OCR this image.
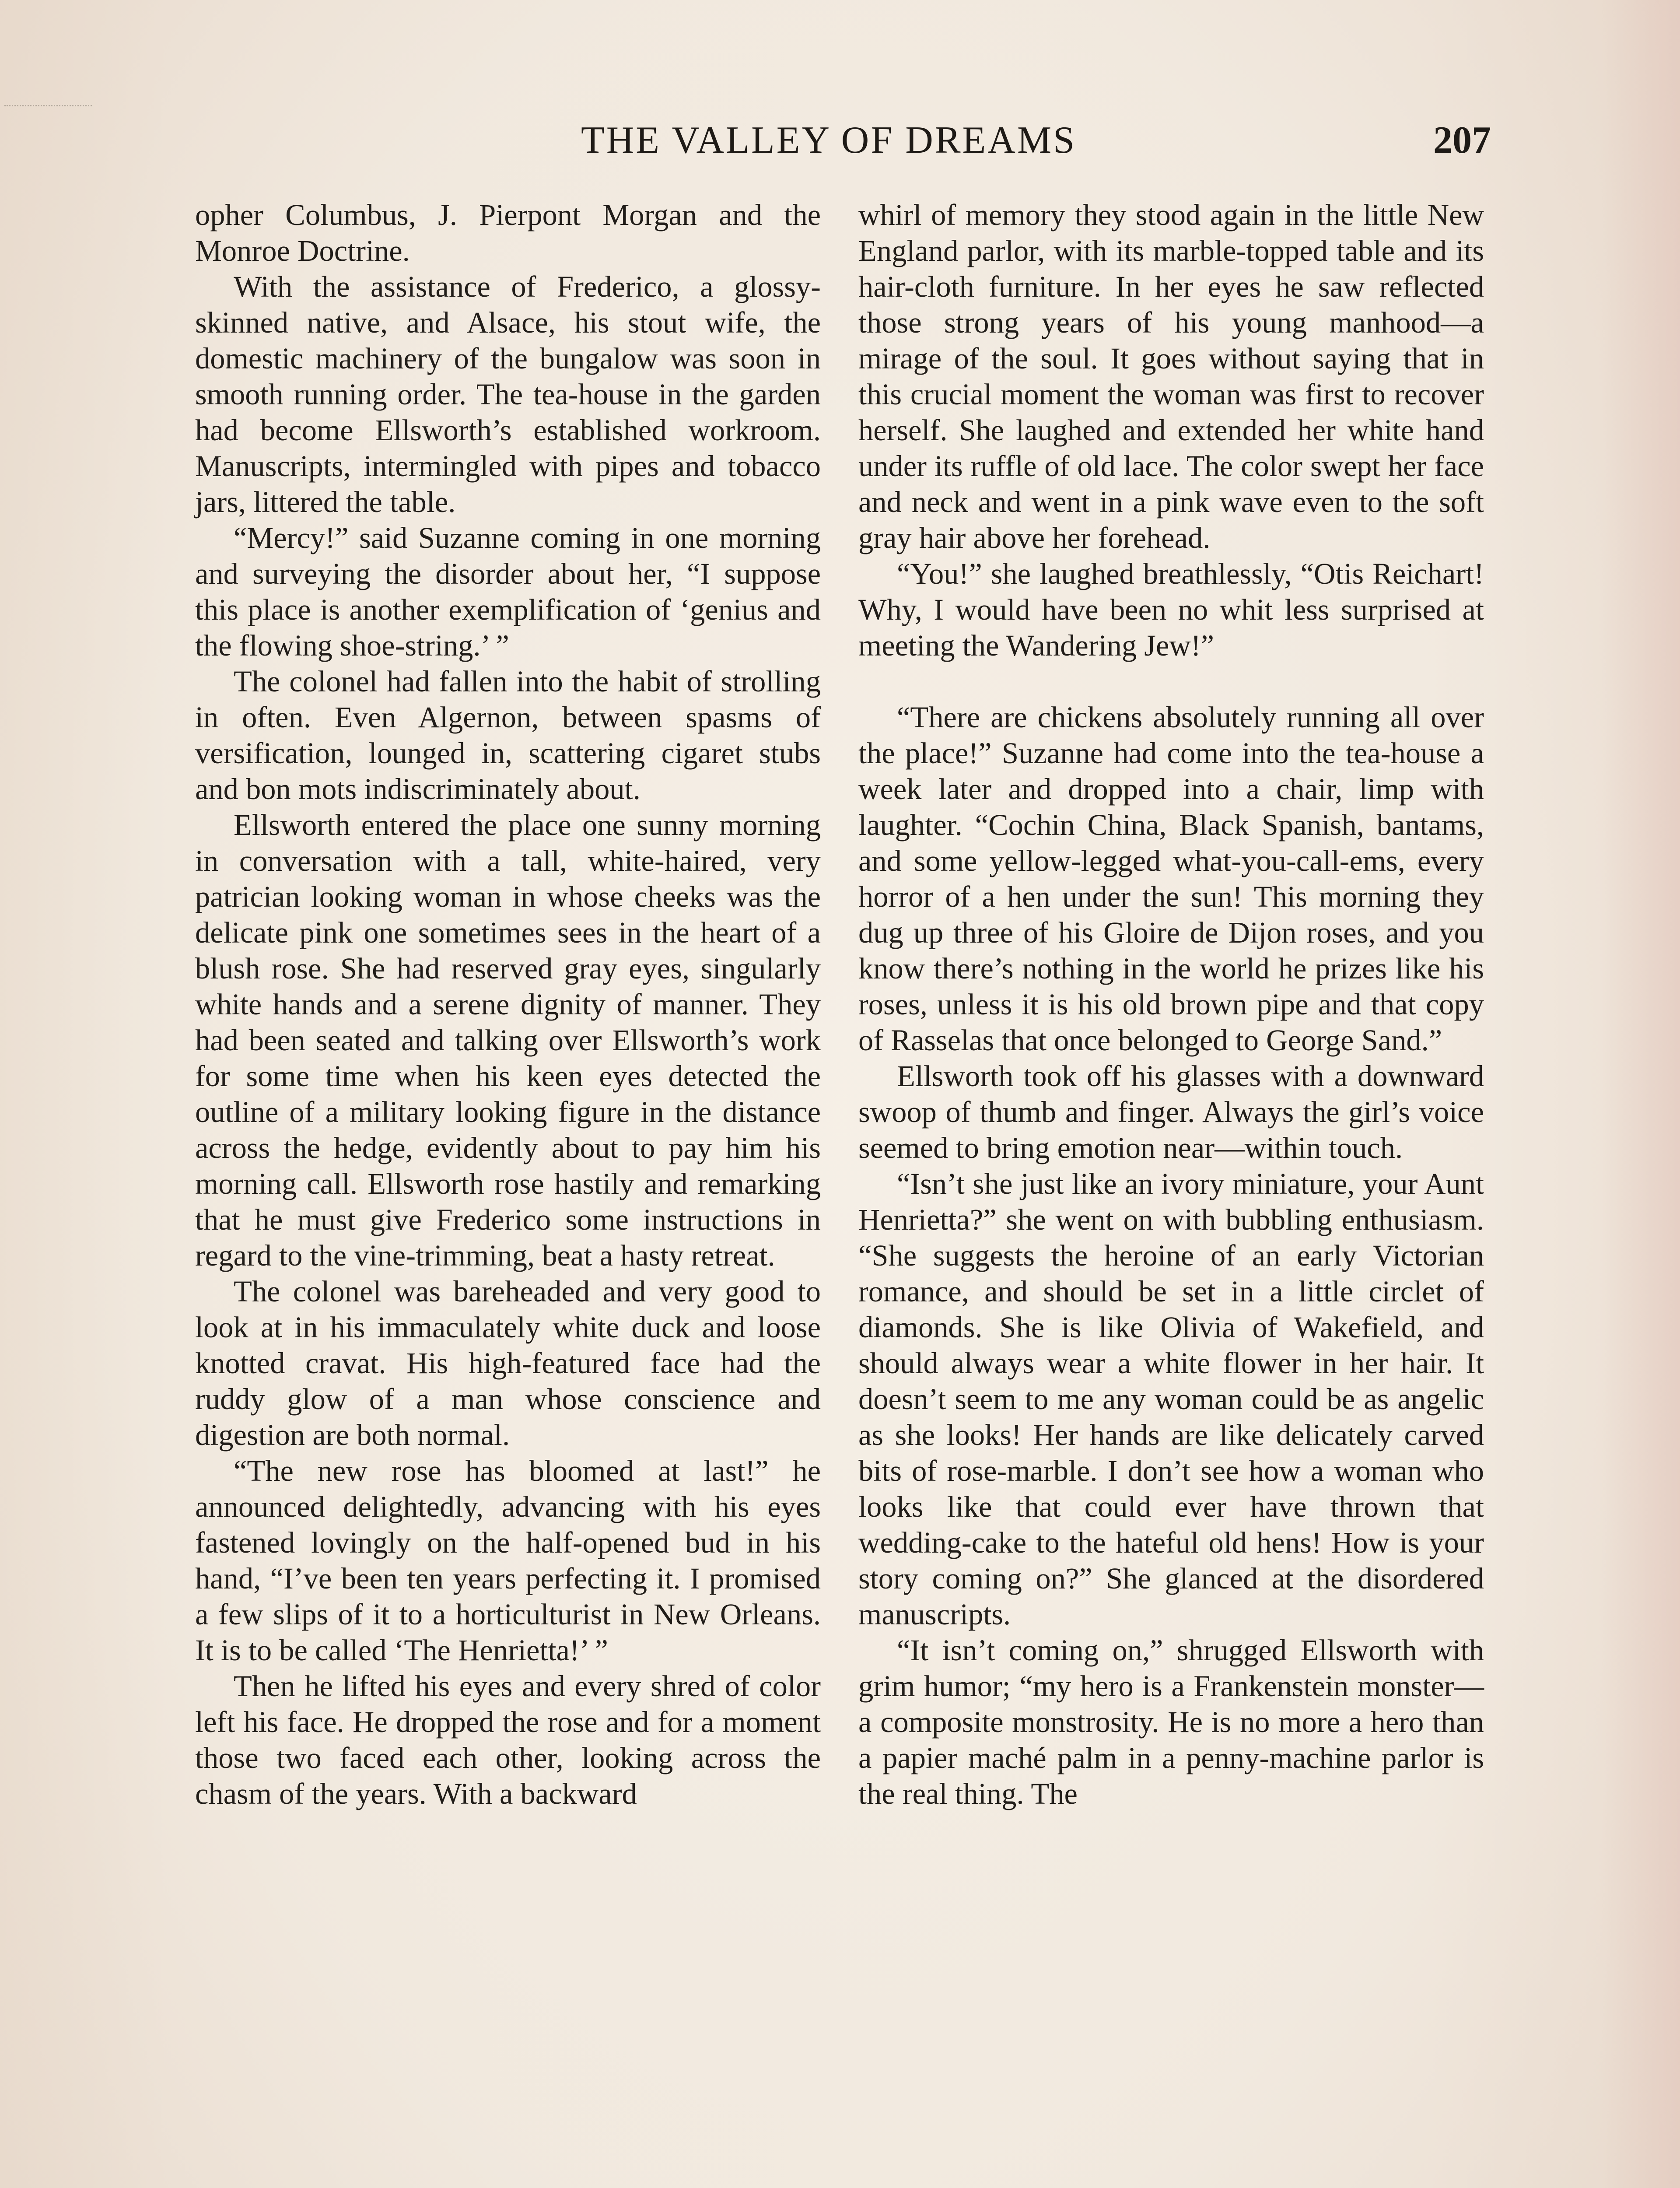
THE VALLEY OF DREAMS	207

opher Columbus, J. Pierpont Morgan and the Monroe Doctrine.

With the assistance of Frederico, a glossy-skinned native, and Alsace, his stout wife, the domestic machinery of the bungalow was soon in smooth running order. The tea-house in the garden had become Ellsworth’s established workroom. Manuscripts, intermingled with pipes and tobacco jars, littered the table.

“Mercy!” said Suzanne coming in one morning and surveying the disorder about her, “I suppose this place is another exemplification of ‘genius and the flowing shoe-string.’ ”

The colonel had fallen into the habit of strolling in often. Even Algernon, between spasms of versification, lounged in, scattering cigaret stubs and bon mots indiscriminately about.

Ellsworth entered the place one sunny morning in conversation with a tall, white-haired, very patrician looking woman in whose cheeks was the delicate pink one sometimes sees in the heart of a blush rose. She had reserved gray eyes, singularly white hands and a serene dignity of manner. They had been seated and talking over Ellsworth’s work for some time when his keen eyes detected the outline of a military looking figure in the distance across the hedge, evidently about to pay him his morning call. Ellsworth rose hastily and remarking that he must give Frederico some instructions in regard to the vine-trimming, beat a hasty retreat.

The colonel was bareheaded and very good to look at in his immaculately white duck and loose knotted cravat. His high-featured face had the ruddy glow of a man whose conscience and digestion are both normal.

“The new rose has bloomed at last!” he announced delightedly, advancing with his eyes fastened lovingly on the half-opened bud in his hand, “I’ve been ten years perfecting it. I promised a few slips of it to a horticulturist in New Orleans. It is to be called ‘The Henrietta!’ ”

Then he lifted his eyes and every shred of color left his face. He dropped the rose and for a moment those two faced each other, looking across the chasm of the years. With a backward

whirl of memory they stood again in the little New England parlor, with its marble-topped table and its hair-cloth furniture. In her eyes he saw reflected those strong years of his young manhood—a mirage of the soul. It goes without saying that in this crucial moment the woman was first to recover herself. She laughed and extended her white hand under its ruffle of old lace. The color swept her face and neck and went in a pink wave even to the soft gray hair above her forehead.

“You!” she laughed breathlessly, “Otis Reichart! Why, I would have been no whit less surprised at meeting the Wandering Jew!”

“There are chickens absolutely running all over the place!” Suzanne had come into the tea-house a week later and dropped into a chair, limp with laughter. “Cochin China, Black Spanish, bantams, and some yellow-legged what-you-call-ems, every horror of a hen under the sun! This morning they dug up three of his Gloire de Dijon roses, and you know there’s nothing in the world he prizes like his roses, unless it is his old brown pipe and that copy of Rasselas that once belonged to George Sand.”

Ellsworth took off his glasses with a downward swoop of thumb and finger. Always the girl’s voice seemed to bring emotion near—within touch.

“Isn’t she just like an ivory miniature, your Aunt Henrietta?” she went on with bubbling enthusiasm. “She suggests the heroine of an early Victorian romance, and should be set in a little circlet of diamonds. She is like Olivia of Wakefield, and should always wear a white flower in her hair. It doesn’t seem to me any woman could be as angelic as she looks! Her hands are like delicately carved bits of rose-marble. I don’t see how a woman who looks like that could ever have thrown that wedding-cake to the hateful old hens! How is your story coming on?” She glanced at the disordered manuscripts.

“It isn’t coming on,” shrugged Ellsworth with grim humor; “my hero is a Frankenstein monster—a composite monstrosity. He is no more a hero than a papier maché palm in a penny-machine parlor is the real thing. The
